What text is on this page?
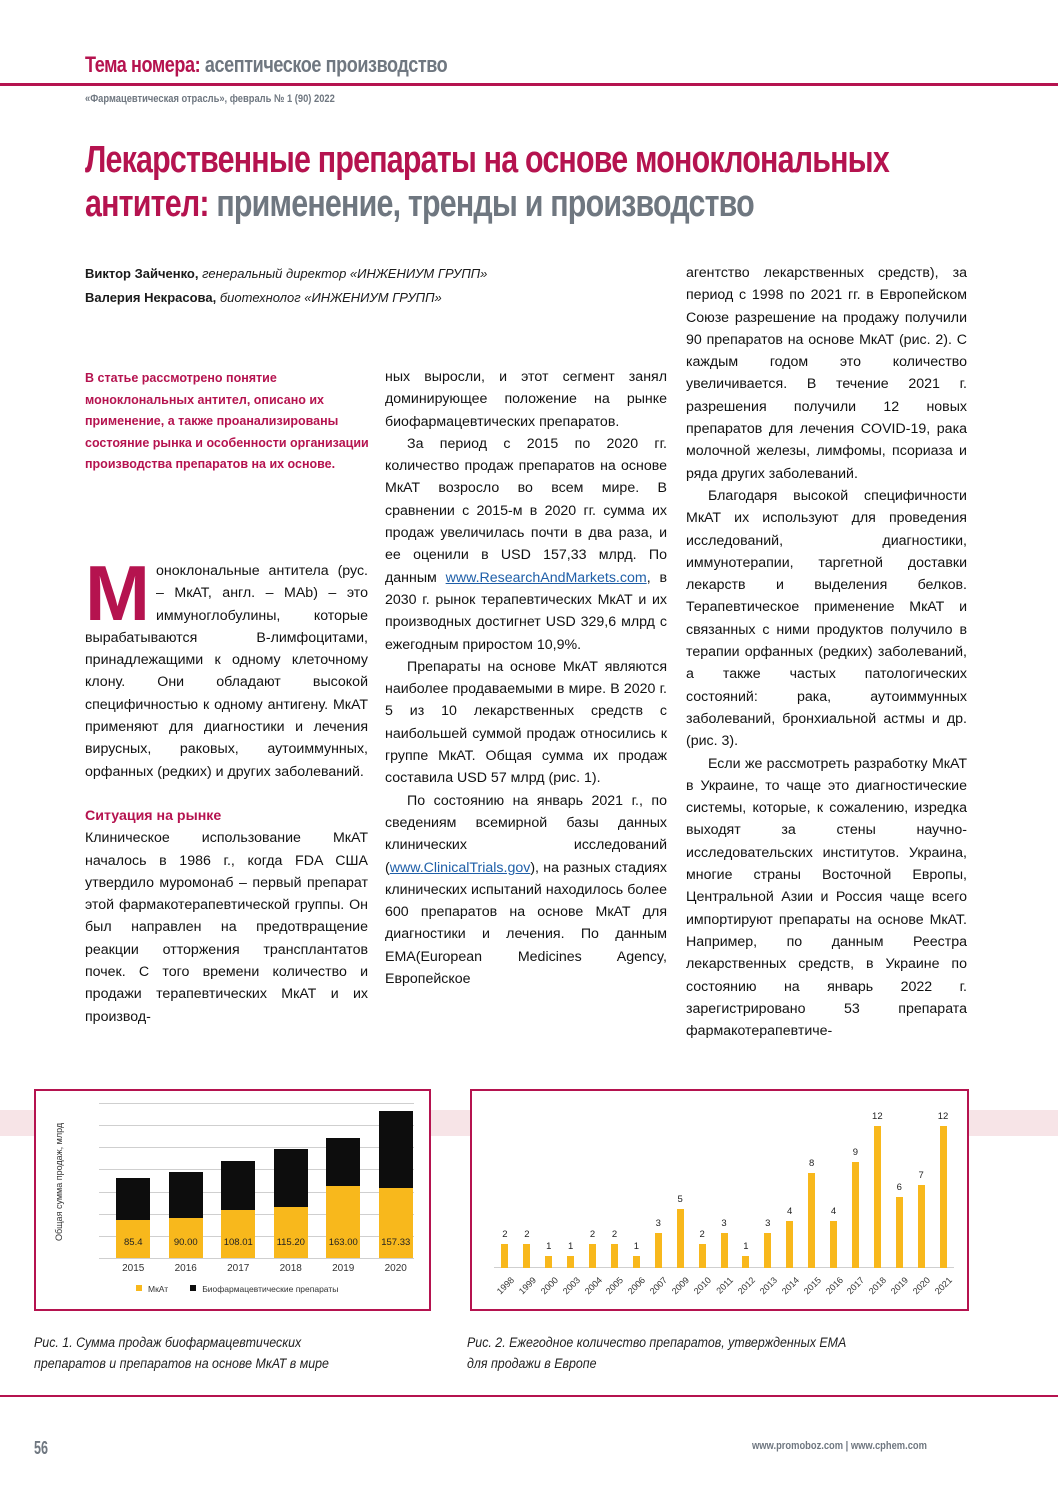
Тема номера: асептическое производство
«Фармацевтическая отрасль», февраль № 1 (90) 2022
Лекарственные препараты на основе моноклональных
антител: применение, тренды и производство
Виктор Зайченко, генеральный директор «ИНЖЕНИУМ ГРУПП»
Валерия Некрасова, биотехнолог «ИНЖЕНИУМ ГРУПП»
В статье рассмотрено понятие моноклональных антител, описано их применение, а также проанализированы состояние рынка и особенности организации производства препаратов на их основе.

Моноклональные антитела (рус. – МкАТ, англ. – MAb) – это иммуноглобулины, которые вырабатываются В-лимфоцитами, принадлежащими к одному клеточному клону. Они обладают высокой специфичностью к одному антигену. МкАТ применяют для диагностики и лечения вирусных, раковых, аутоиммунных, орфанных (редких) и других заболеваний.

Ситуация на рынке

Клиническое использование МкАТ началось в 1986 г., когда FDA США утвердило муромонаб – первый препарат этой фармакотерапевтической группы. Он был направлен на предотвращение реакции отторжения трансплантатов почек. С того времени количество и продажи терапевтических МкАТ и их производ-

ных выросли, и этот сегмент занял доминирующее положение на рынке биофармацевтических препаратов.

За период с 2015 по 2020 гг. количество продаж препаратов на основе МкАТ возросло во всем мире. В сравнении с 2015-м в 2020 гг. сумма их продаж увеличилась почти в два раза, и ее оценили в USD 157,33 млрд. По данным www.ResearchAndMarkets.com, в 2030 г. рынок терапевтических МкАТ и их производных достигнет USD 329,6 млрд с ежегодным приростом 10,9%.

Препараты на основе МкАТ являются наиболее продаваемыми в мире. В 2020 г. 5 из 10 лекарственных средств с наибольшей суммой продаж относились к группе МкАТ. Общая сумма их продаж составила USD 57 млрд (рис. 1).

По состоянию на январь 2021 г., по сведениям всемирной базы данных клинических исследований (www.ClinicalTrials.gov), на разных стадиях клинических испытаний находилось более 600 препаратов на основе МкАТ для диагностики и лечения. По данным EMA(European Medicines Agency, Европейское

агентство лекарственных средств), за период с 1998 по 2021 гг. в Европейском Союзе разрешение на продажу получили 90 препаратов на основе МкАТ (рис. 2). С каждым годом это количество увеличивается. В течение 2021 г. разрешения получили 12 новых препаратов для лечения COVID-19, рака молочной железы, лимфомы, псориаза и ряда других заболеваний.

Благодаря высокой специфичности МкАТ их используют для проведения исследований, диагностики, иммунотерапии, таргетной доставки лекарств и выделения белков. Терапевтическое применение МкАТ и связанных с ними продуктов получило в терапии орфанных (редких) заболеваний, а также частых патологических состояний: рака, аутоиммунных заболеваний, бронхиальной астмы и др. (рис. 3).

Если же рассмотреть разработку МкАТ в Украине, то чаще это диагностические системы, которые, к сожалению, изредка выходят за стены научно-исследовательских институтов. Украина, многие страны Восточной Европы, Центральной Азии и Россия чаще всего импортируют препараты на основе МкАТ. Например, по данным Реестра лекарственных средств, в Украине по состоянию на январь 2022 г. зарегистрировано 53 препарата фармакотерапевтиче-

Общая сумма продаж, млрд
85.4	90.00	108.01	115.20	163.00 157.33
2015	2016	2017	2018	2019	2020
МкАт	Биофармацевтические препараты
2
1998
2
1999
1
2000
1
2003
2
2004
2
2005
1
2006
3
2007
5
2009
2
2010
3
2011
1
2012
3
2013
4
2014
8
2015
4
2016
9
2017
12
2018
6
2019
7
2020
12
2021
Рис. 1. Сумма продаж биофармацевтических
препаратов и препаратов на основе МкАТ в мире
Рис. 2. Ежегодное количество препаратов, утвержденных ЕМА
для продажи в Европе
56	www.promoboz.com | www.cphem.com
